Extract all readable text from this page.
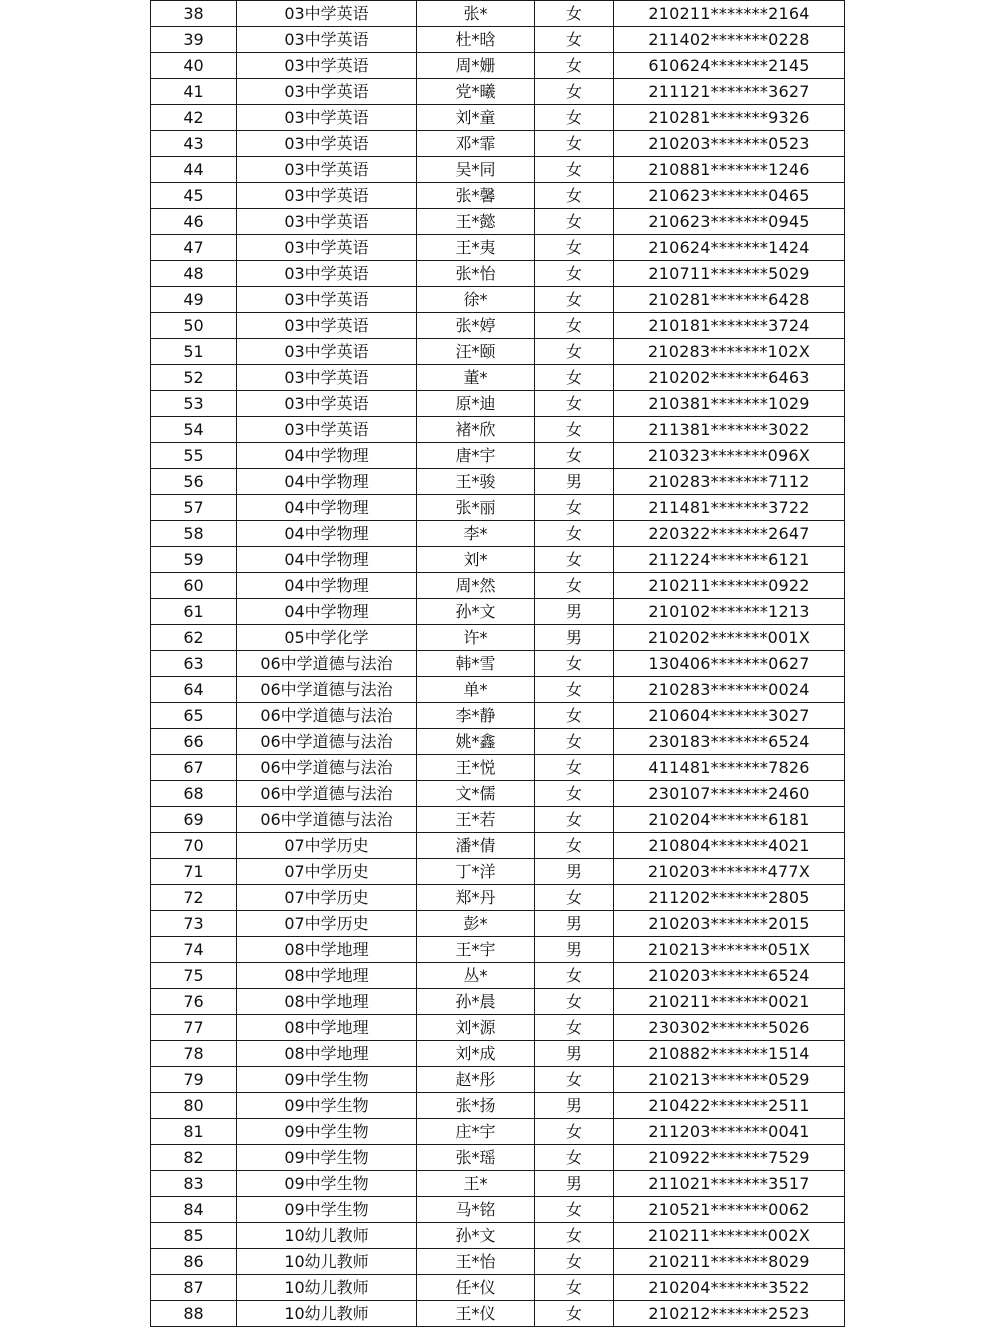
38	03中学英语	张*	女	210211*******2164
39	03中学英语	杜*晗	女	211402*******0228
40	03中学英语	周*姗	女	610624*******2145
41	03中学英语	党*曦	女	211121*******3627
42	03中学英语	刘*童	女	210281*******9326
43	03中学英语	邓*霏	女	210203*******0523
44	03中学英语	吴*同	女	210881*******1246
45	03中学英语	张*馨	女	210623*******0465
46	03中学英语	王*懿	女	210623*******0945
47	03中学英语	王*夷	女	210624*******1424
48	03中学英语	张*怡	女	210711*******5029
49	03中学英语	徐*	女	210281*******6428
50	03中学英语	张*婷	女	210181*******3724
51	03中学英语	汪*颐	女	210283*******102X
52	03中学英语	董*	女	210202*******6463
53	03中学英语	原*迪	女	210381*******1029
54	03中学英语	褚*欣	女	211381*******3022
55	04中学物理	唐*宇	女	210323*******096X
56	04中学物理	王*骏	男	210283*******7112
57	04中学物理	张*丽	女	211481*******3722
58	04中学物理	李*	女	220322*******2647
59	04中学物理	刘*	女	211224*******6121
60	04中学物理	周*然	女	210211*******0922
61	04中学物理	孙*文	男	210102*******1213
62	05中学化学	许*	男	210202*******001X
63	06中学道德与法治	韩*雪	女	130406*******0627
64	06中学道德与法治	单*	女	210283*******0024
65	06中学道德与法治	李*静	女	210604*******3027
66	06中学道德与法治	姚*鑫	女	230183*******6524
67	06中学道德与法治	王*悦	女	411481*******7826
68	06中学道德与法治	文*儒	女	230107*******2460
69	06中学道德与法治	王*若	女	210204*******6181
70	07中学历史	潘*倩	女	210804*******4021
71	07中学历史	丁*洋	男	210203*******477X
72	07中学历史	郑*丹	女	211202*******2805
73	07中学历史	彭*	男	210203*******2015
74	08中学地理	王*宇	男	210213*******051X
75	08中学地理	丛*	女	210203*******6524
76	08中学地理	孙*晨	女	210211*******0021
77	08中学地理	刘*源	女	230302*******5026
78	08中学地理	刘*成	男	210882*******1514
79	09中学生物	赵*彤	女	210213*******0529
80	09中学生物	张*扬	男	210422*******2511
81	09中学生物	庄*宇	女	211203*******0041
82	09中学生物	张*瑶	女	210922*******7529
83	09中学生物	王*	男	211021*******3517
84	09中学生物	马*铭	女	210521*******0062
85	10幼儿教师	孙*文	女	210211*******002X
86	10幼儿教师	王*怡	女	210211*******8029
87	10幼儿教师	任*仪	女	210204*******3522
88	10幼儿教师	王*仪	女	210212*******2523
